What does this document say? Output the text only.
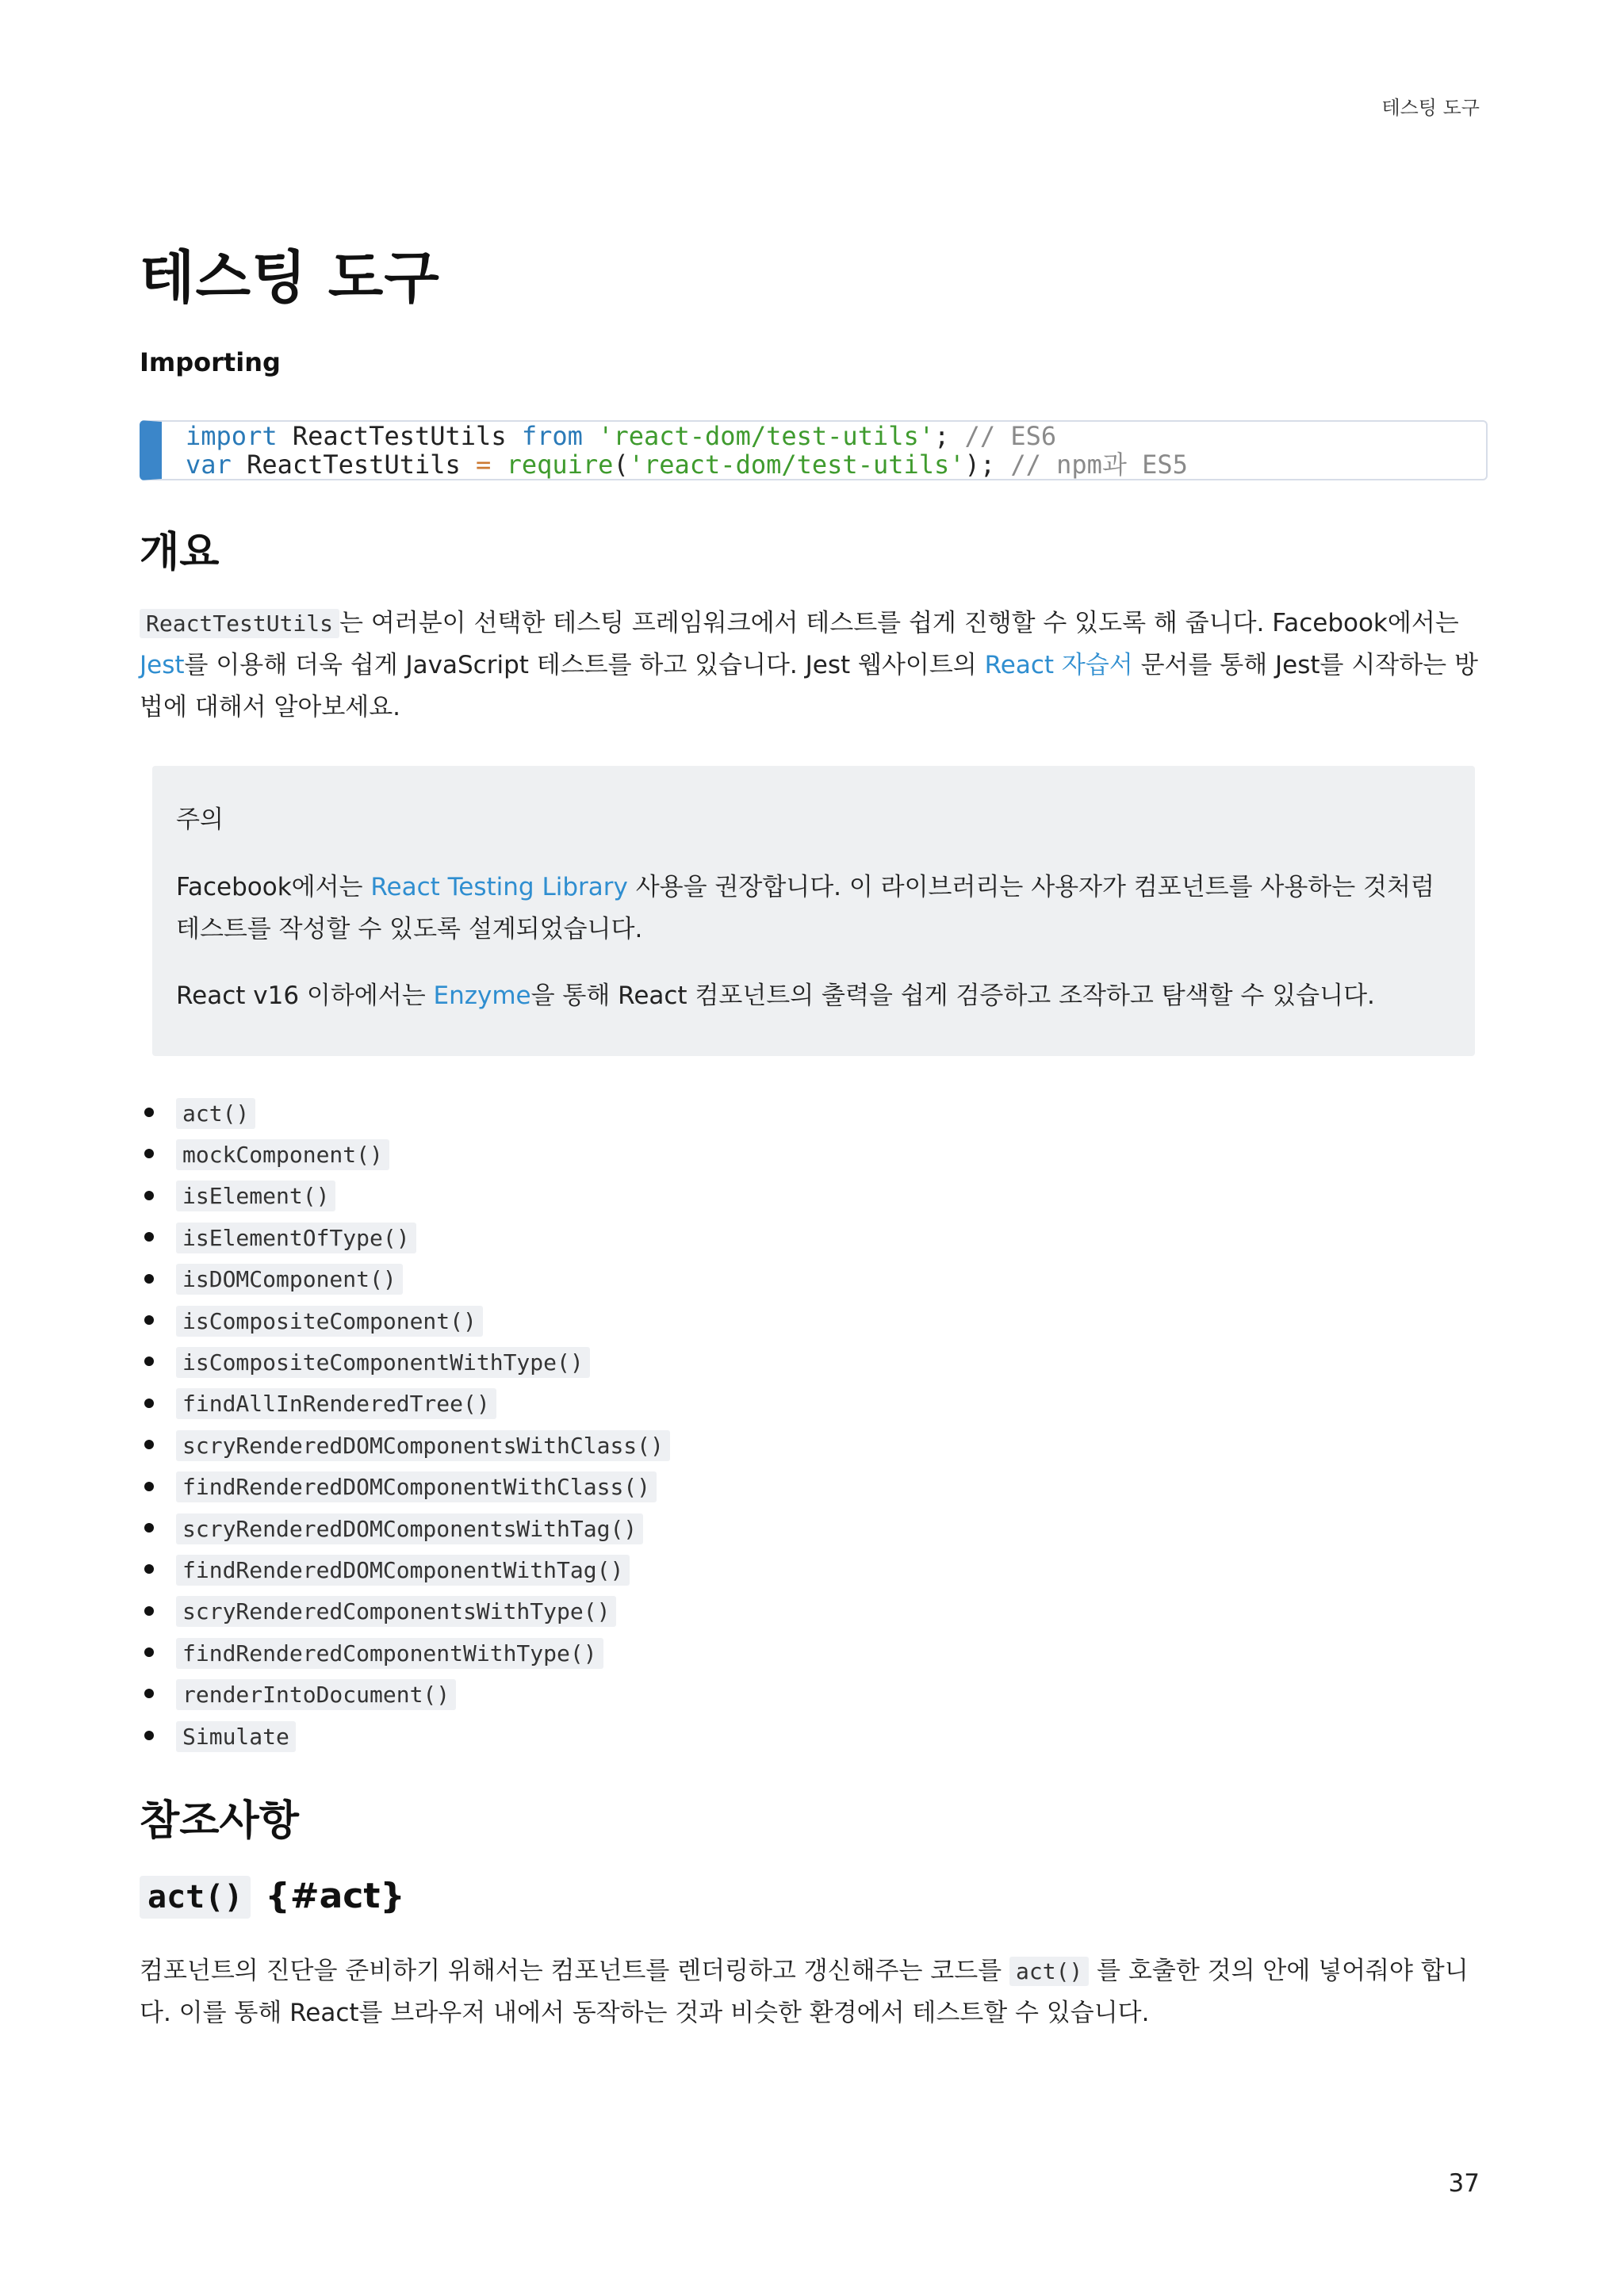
테스팅 도구
테스팅 도구
Importing
import ReactTestUtils from 'react-dom/test-utils'; // ES6
var ReactTestUtils = require('react-dom/test-utils'); // npm과 ES5
개요

ReactTestUtils 는 여러분이 선택한 테스팅 프레임워크에서 테스트를 쉽게 진행할 수 있도록 해 줍니다. Facebook에서는 Jest를 이용해 더욱 쉽게 JavaScript 테스트를 하고 있습니다. Jest 웹사이트의 React 자습서 문서를 통해 Jest를 시작하는 방법에 대해서 알아보세요.

주의

Facebook에서는 React Testing Library 사용을 권장합니다. 이 라이브러리는 사용자가 컴포넌트를 사용하는 것처럼 테스트를 작성할 수 있도록 설계되었습니다.

React v16 이하에서는 Enzyme을 통해 React 컴포넌트의 출력을 쉽게 검증하고 조작하고 탐색할 수 있습니다.

act()
mockComponent()
isElement()
isElementOfType()
isDOMComponent()
isCompositeComponent()
isCompositeComponentWithType()
findAllInRenderedTree()
scryRenderedDOMComponentsWithClass()
findRenderedDOMComponentWithClass()
scryRenderedDOMComponentsWithTag()
findRenderedDOMComponentWithTag()
scryRenderedComponentsWithType()
findRenderedComponentWithType()
renderIntoDocument()
Simulate
참조사항
act() {#act}

컴포넌트의 진단을 준비하기 위해서는 컴포넌트를 렌더링하고 갱신해주는 코드를 act() 를 호출한 것의 안에 넣어줘야 합니다. 이를 통해 React를 브라우저 내에서 동작하는 것과 비슷한 환경에서 테스트할 수 있습니다.

37
